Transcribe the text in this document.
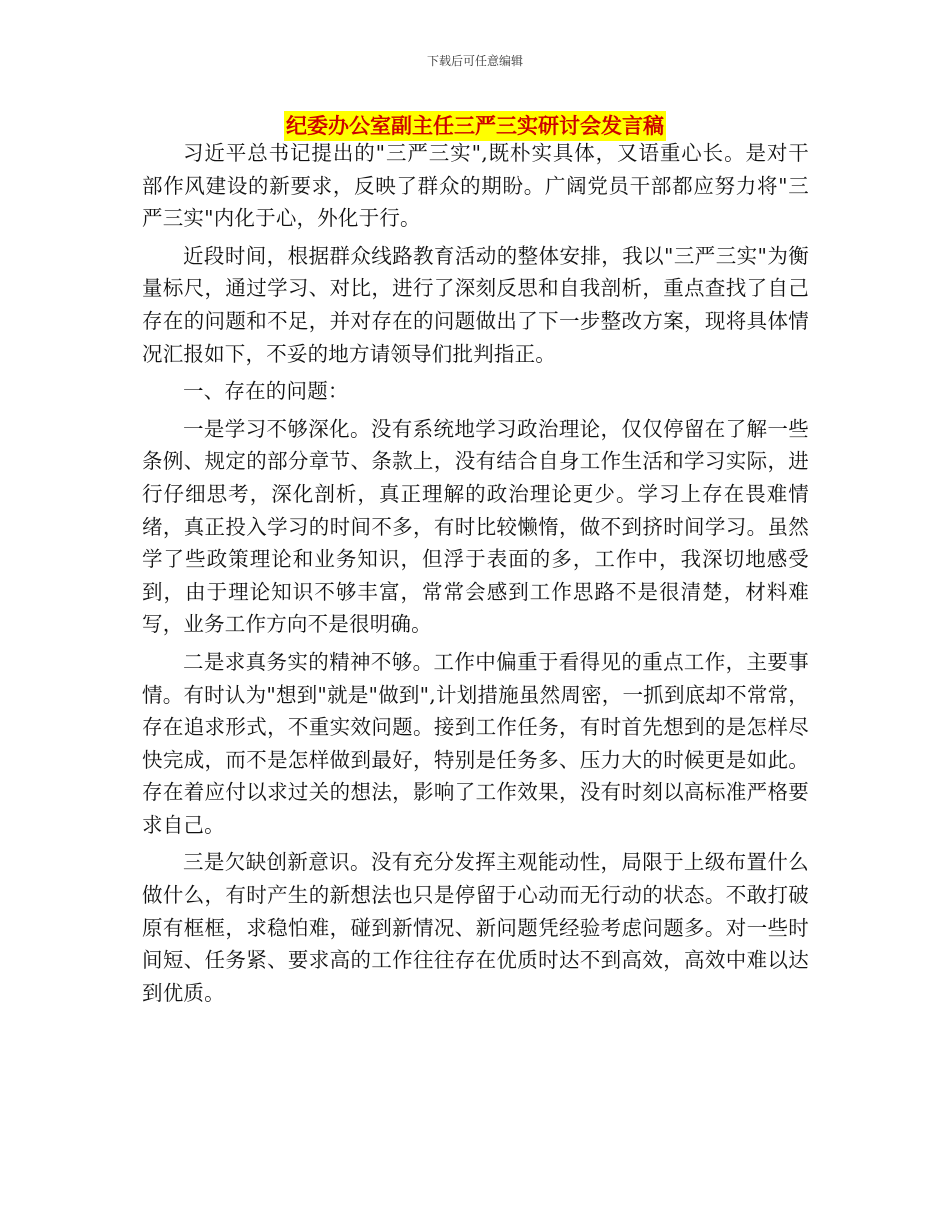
下载后可任意编辑
纪委办公室副主任三严三实研讨会发言稿

习近平总书记提出的"三严三实",既朴实具体，又语重心长。是对干部作风建设的新要求，反映了群众的期盼。广阔党员干部都应努力将"三严三实"内化于心，外化于行。

近段时间，根据群众线路教育活动的整体安排，我以"三严三实"为衡量标尺，通过学习、对比，进行了深刻反思和自我剖析，重点查找了自己存在的问题和不足，并对存在的问题做出了下一步整改方案，现将具体情况汇报如下，不妥的地方请领导们批判指正。

一、存在的问题：

一是学习不够深化。没有系统地学习政治理论，仅仅停留在了解一些条例、规定的部分章节、条款上，没有结合自身工作生活和学习实际，进行仔细思考，深化剖析，真正理解的政治理论更少。学习上存在畏难情绪，真正投入学习的时间不多，有时比较懒惰，做不到挤时间学习。虽然学了些政策理论和业务知识，但浮于表面的多，工作中，我深切地感受到，由于理论知识不够丰富，常常会感到工作思路不是很清楚，材料难写，业务工作方向不是很明确。

二是求真务实的精神不够。工作中偏重于看得见的重点工作，主要事情。有时认为"想到"就是"做到",计划措施虽然周密，一抓到底却不常常，存在追求形式，不重实效问题。接到工作任务，有时首先想到的是怎样尽快完成，而不是怎样做到最好，特别是任务多、压力大的时候更是如此。存在着应付以求过关的想法，影响了工作效果，没有时刻以高标准严格要求自己。

三是欠缺创新意识。没有充分发挥主观能动性，局限于上级布置什么做什么，有时产生的新想法也只是停留于心动而无行动的状态。不敢打破原有框框，求稳怕难，碰到新情况、新问题凭经验考虑问题多。对一些时间短、任务紧、要求高的工作往往存在优质时达不到高效，高效中难以达到优质。
